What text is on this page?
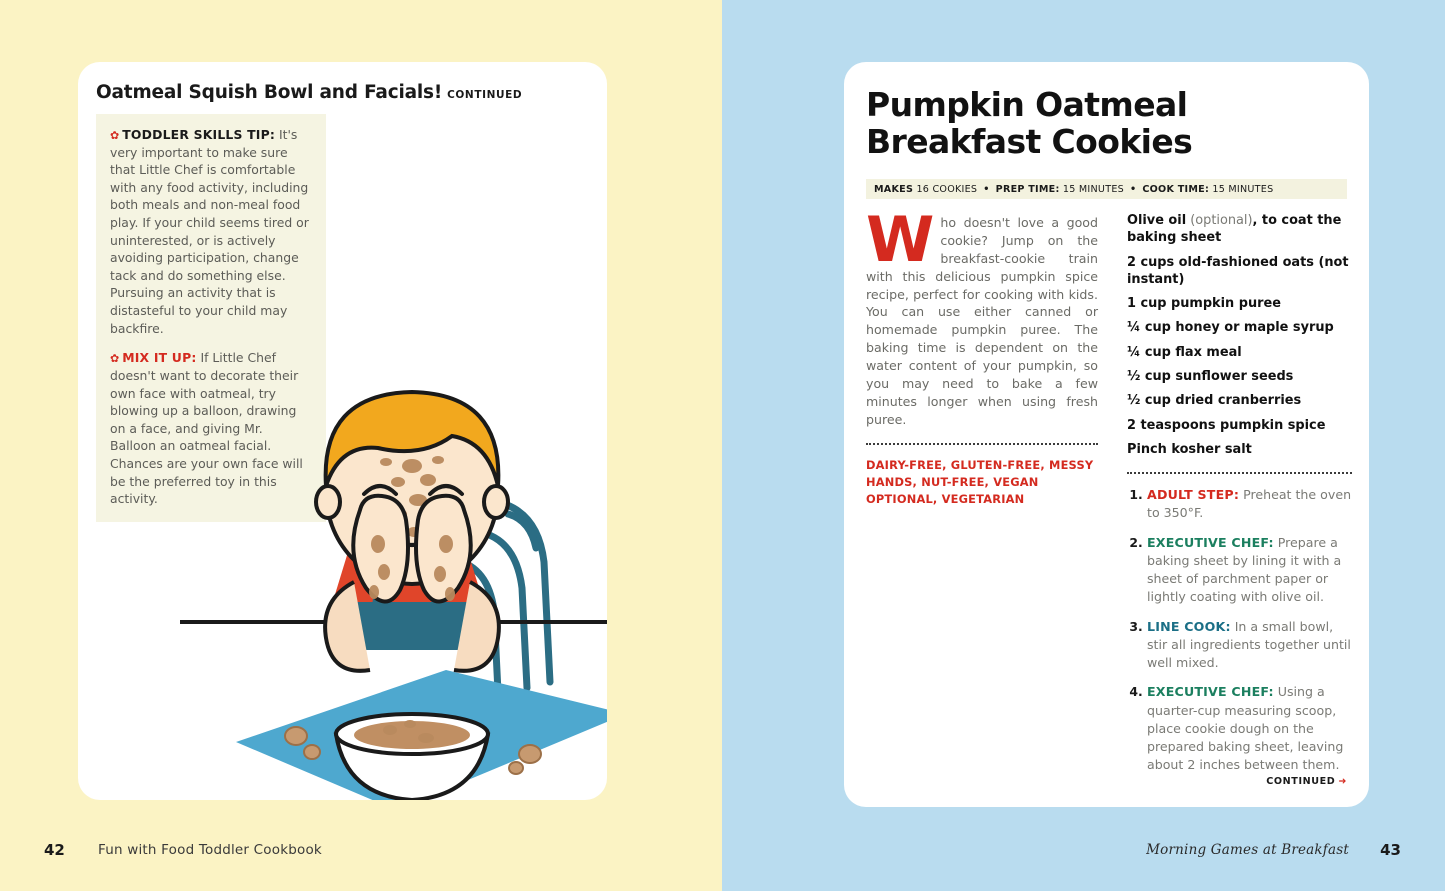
Oatmeal Squish Bowl and Facials! CONTINUED

✿ TODDLER SKILLS TIP: It's very important to make sure that Little Chef is comfortable with any food activity, including both meals and non-meal food play. If your child seems tired or uninterested, or is actively avoiding participation, change tack and do something else. Pursuing an activity that is distasteful to your child may backfire.

✿ MIX IT UP: If Little Chef doesn't want to decorate their own face with oatmeal, try blowing up a balloon, drawing on a face, and giving Mr. Balloon an oatmeal facial. Chances are your own face will be the preferred toy in this activity.

42 Fun with Food Toddler Cookbook
Pumpkin Oatmeal
Breakfast Cookies
MAKES
16 COOKIES • PREP TIME:
15 MINUTES • COOK TIME:
15 MINUTES

Who doesn't love a good cookie? Jump on the breakfast-cookie train with this delicious pumpkin spice recipe, perfect for cooking with kids. You can use either canned or homemade pumpkin puree. The baking time is dependent on the water content of your pumpkin, so you may need to bake a few minutes longer when using fresh puree.

DAIRY-FREE, GLUTEN-FREE, MESSY HANDS, NUT-FREE, VEGAN OPTIONAL, VEGETARIAN
Olive oil (optional), to coat the baking sheet
2 cups old-fashioned oats (not instant)
1 cup pumpkin puree
¼ cup honey or maple syrup
¼ cup flax meal
½ cup sunflower seeds
½ cup dried cranberries
2 teaspoons pumpkin spice
Pinch kosher salt
1. ADULT STEP: Preheat the oven to 350°F.
2. EXECUTIVE CHEF: Prepare a baking sheet by lining it with a sheet of parchment paper or lightly coating with olive oil.
3. LINE COOK: In a small bowl, stir all ingredients together until well mixed.
4. EXECUTIVE CHEF: Using a quarter-cup measuring scoop, place cookie dough on the prepared baking sheet, leaving about 2 inches between them.
CONTINUED ➜
Morning Games at Breakfast 43
